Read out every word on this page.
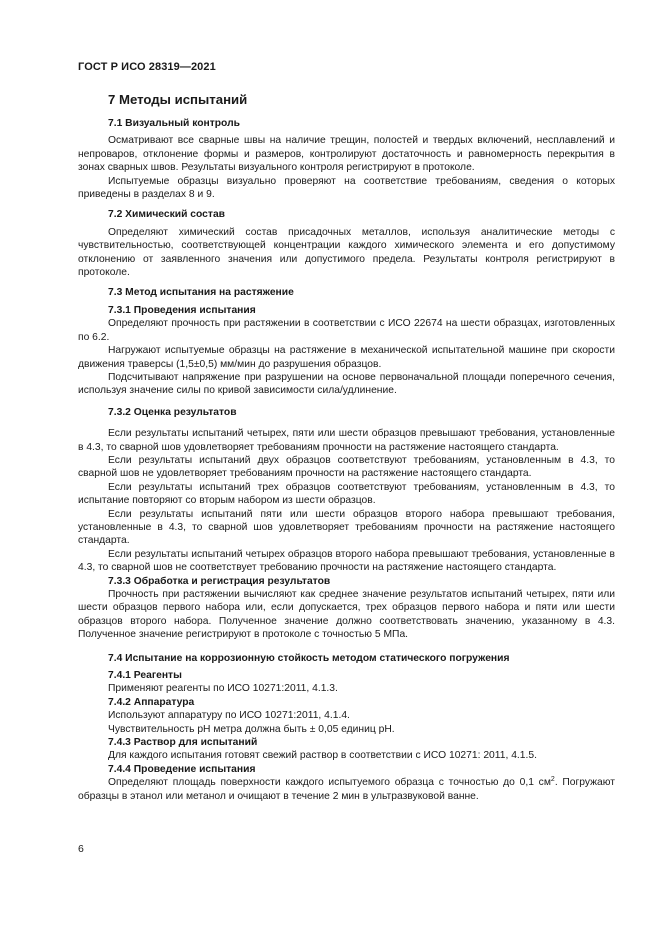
ГОСТ Р ИСО 28319—2021
7 Методы испытаний
7.1 Визуальный контроль

Осматривают все сварные швы на наличие трещин, полостей и твердых включений, несплавлений и непроваров, отклонение формы и размеров, контролируют достаточность и равномерность перекрытия в зонах сварных швов. Результаты визуального контроля регистрируют в протоколе.

Испытуемые образцы визуально проверяют на соответствие требованиям, сведения о которых приведены в разделах 8 и 9.

7.2 Химический состав

Определяют химический состав присадочных металлов, используя аналитические методы с чувствительностью, соответствующей концентрации каждого химического элемента и его допустимому отклонению от заявленного значения или допустимого предела. Результаты контроля регистрируют в протоколе.

7.3 Метод испытания на растяжение
7.3.1 Проведения испытания

Определяют прочность при растяжении в соответствии с ИСО 22674 на шести образцах, изготовленных по 6.2.

Нагружают испытуемые образцы на растяжение в механической испытательной машине при скорости движения траверсы (1,5±0,5) мм/мин до разрушения образцов.

Подсчитывают напряжение при разрушении на основе первоначальной площади поперечного сечения, используя значение силы по кривой зависимости сила/удлинение.

7.3.2 Оценка результатов

Если результаты испытаний четырех, пяти или шести образцов превышают требования, установленные в 4.3, то сварной шов удовлетворяет требованиям прочности на растяжение настоящего стандарта.

Если результаты испытаний двух образцов соответствуют требованиям, установленным в 4.3, то сварной шов не удовлетворяет требованиям прочности на растяжение настоящего стандарта.

Если результаты испытаний трех образцов соответствуют требованиям, установленным в 4.3, то испытание повторяют со вторым набором из шести образцов.

Если результаты испытаний пяти или шести образцов второго набора превышают требования, установленные в 4.3, то сварной шов удовлетворяет требованиям прочности на растяжение настоящего стандарта.

Если результаты испытаний четырех образцов второго набора превышают требования, установленные в 4.3, то сварной шов не соответствует требованию прочности на растяжение настоящего стандарта.

7.3.3 Обработка и регистрация результатов

Прочность при растяжении вычисляют как среднее значение результатов испытаний четырех, пяти или шести образцов первого набора или, если допускается, трех образцов первого набора и пяти или шести образцов второго набора. Полученное значение должно соответствовать значению, указанному в 4.3. Полученное значение регистрируют в протоколе с точностью 5 МПа.

7.4 Испытание на коррозионную стойкость методом статического погружения
7.4.1 Реагенты

Применяют реагенты по ИСО 10271:2011, 4.1.3.

7.4.2 Аппаратура

Используют аппаратуру по ИСО 10271:2011, 4.1.4.

Чувствительность pH метра должна быть ± 0,05 единиц pH.

7.4.3 Раствор для испытаний

Для каждого испытания готовят свежий раствор в соответствии с ИСО 10271: 2011, 4.1.5.

7.4.4 Проведение испытания

Определяют площадь поверхности каждого испытуемого образца с точностью до 0,1 $см^2$. Погружают образцы в этанол или метанол и очищают в течение 2 мин в ультразвуковой ванне.

6
